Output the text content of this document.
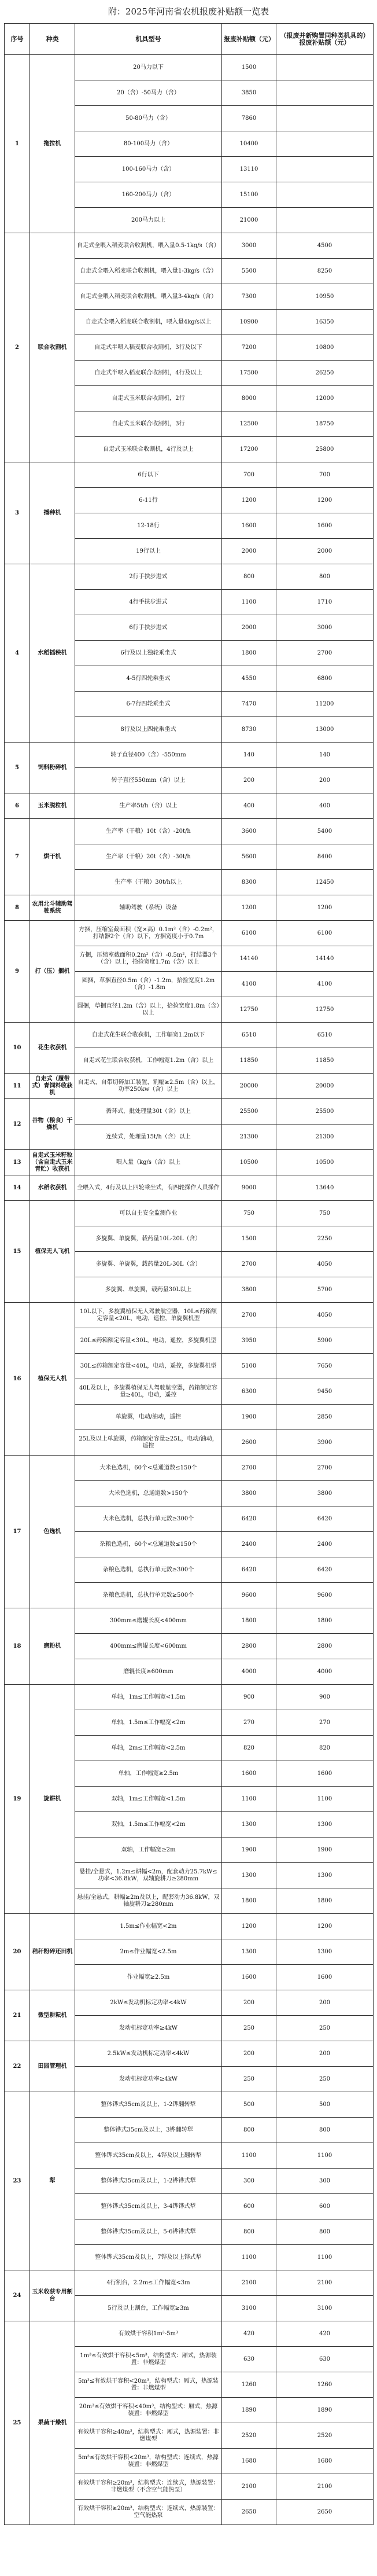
附：2025年河南省农机报废补贴额一览表
序号	种类	机具型号	报废补贴额（元）	（报废并新购置同种类机具的）报废补贴额（元）
1	拖拉机	20马力以下	1500	
		20（含）-50马力（含）	3850	
		50-80马力（含）	7860	
		80-100马力（含）	10400	
		100-160马力（含）	13110	
		160-200马力（含）	15100	
		200马力以上	21000	
2	联合收割机	自走式全喂入稻麦联合收割机，喂入量0.5-1kg/s（含）	3000	4500
		自走式全喂入稻麦联合收割机，喂入量1-3kg/s（含）	5500	8250
		自走式全喂入稻麦联合收割机，喂入量3-4kg/s（含）	7300	10950
		自走式全喂入稻麦联合收割机，喂入量4kg/s以上	10900	16350
		自走式半喂入稻麦联合收割机，3行及以下	7200	10800
		自走式半喂入稻麦联合收割机，4行及以上	17500	26250
		自走式玉米联合收割机，2行	8000	12000
		自走式玉米联合收割机，3行	12500	18750
		自走式玉米联合收割机，4行及以上	17200	25800
3	播种机	6行以下	700	700
		6-11行	1200	1200
		12-18行	1600	1600
		19行以上	2000	2000
4	水稻插秧机	2行手扶步进式	800	800
		4行手扶步进式	1100	1710
		6行手扶步进式	2000	3000
		6行及以上独轮乘坐式	1800	2700
		4-5行四轮乘坐式	4550	6800
		6-7行四轮乘坐式	7470	11200
		8行及以上四轮乘坐式	8730	13000
5	饲料粉碎机	转子直径400（含）-550mm	140	140
		转子直径550mm（含）以上	200	200
6	玉米脱粒机	生产率5t/h（含）以上	400	400
7	烘干机	生产率（干粮）10t（含）-20t/h	3600	5400
		生产率（干粮）20t（含）-30t/h	5600	8400
		生产率（干粮）30t/h以上	8300	12450
8	农用北斗辅助驾驶系统	辅助驾驶（系统）设备	1200	1200
9	打（压）捆机	方捆，压缩室截面积（宽×高）0.1m²（含）-0.2m²，打结器2个（含）以下，方捆宽度小于0.7m	6100	6100
		方捆，压缩室截面积0.2m²（含）-0.5m²，打结器3个（含）以上，拾捡宽度1.7m（含）以上	14140	14140
		圆捆，草捆直径0.5m（含）-1.2m，拾捡宽度1.2m（含）-1.8m	4100	4100
		圆捆，草捆直径1.2m（含）以上，拾捡宽度1.8m（含）以上	12750	12750
10	花生收获机	自走式花生联合收获机，工作幅宽1.2m以下	6510	6510
		自走式花生联合收获机，工作幅宽1.2m（含）以上	11850	11850
11	自走式（履带式）青饲料收获机	自走式，自带切碎加工装置，割幅≥2.5m（含）以上，功率250kw（含）以上	20000	20000
12	谷物（粮食）干燥机	循环式，批处理量30t（含）以上	25500	25500
		连续式，处理量15t/h（含）以上	21300	21300
13	自走式玉米籽粒（含自走式玉米青贮）收获机	喂入量（kg/s（含）以上	10500	10500
14	水稻收获机	全喂入式，4行及以上四轮乘坐式，有四轮操作人员操作	9000	13640
15	植保无人飞机	可以自主安全监测作业	750	750
		多旋翼、单旋翼，载药量10L-20L（含）	1500	2250
		多旋翼、单旋翼，载药量20L-30L（含）	2700	4050
		多旋翼、单旋翼，载药量30L以上	3800	5700
16	植保无人机	10L以下，多旋翼植保无人驾驶航空器，10L≤药箱额定容量<20L，电动，遥控，单旋翼机型	2700	4050
		20L≤药箱额定容量<30L，电动，遥控，多旋翼机型	3950	5900
		30L≤药箱额定容量<40L，电动，遥控，多旋翼机型	5100	7650
		40L及以上，多旋翼植保无人驾驶航空器，药箱额定容量≥40L，电动，遥控	6300	9450
		单旋翼，电动/油动，遥控	1900	2850
		25L及以上单旋翼，药箱额定容量≥25L，电动/油动，遥控	2600	3900
17	色选机	大米色选机，60个<总通道数≤150个	2700	2700
		大米色选机，总通道数>150个	3800	3800
		大米色选机，总执行单元数≥300个	6420	6420
		杂粮色选机，60个<总通道数≤150个	2400	2400
		杂粮色选机，总执行单元数≥300个	6420	6420
		杂粮色选机，总执行单元数≥500个	9600	9600
18	磨粉机	300mm≤磨辊长度<400mm	1800	1800
		400mm≤磨辊长度<600mm	2800	2800
		磨辊长度≥600mm	4000	4000
19	旋耕机	单轴，1m≤工作幅宽<1.5m	900	900
		单轴，1.5m≤工作幅宽<2m	270	270
		单轴，2m≤工作幅宽<2.5m	820	820
		单轴，工作幅宽≥2.5m	1600	1600
		双轴，1m≤工作幅宽<1.5m	1100	1100
		双轴，1.5m≤工作幅宽<2m	1300	1300
		双轴，工作幅宽≥2m	1900	1900
		悬挂/全悬式，1.2m≤耕幅<2m，配套动力25.7kW≤功率<36.8kW，双轴旋耕刀≥280mm	1300	1300
		悬挂/全悬式，耕幅≥2m及以上，配套动力36.8kW，双轴旋耕刀≥280mm	1800	1800
20	秸秆粉碎还田机	1.5m≤作业幅宽<2m	1200	1200
		2m≤作业幅宽<2.5m	1300	1300
		作业幅宽≥2.5m	1600	1600
21	微型耕耘机	2kW≤发动机标定功率<4kW	200	200
		发动机标定功率≥4kW	250	250
22	田园管理机	2.5kW≤发动机标定功率<4kW	200	200
		发动机标定功率≥4kW	250	250
23	犁	整体铧式35cm及以上，1-2铧翻转犁	500	500
		整体铧式35cm及以上，3铧翻转犁	800	800
		整体铧式35cm及以上，4铧及以上翻转犁	1100	1100
		整体铧式35cm及以上，1-2铧铧式犁	300	300
		整体铧式35cm及以上，3-4铧铧式犁	600	600
		整体铧式35cm及以上，5-6铧铧式犁	800	800
		整体铧式35cm及以上，7铧及以上铧式犁	1100	1100
24	玉米收获专用割台	4行割台，2.2m≤工作幅宽<3m	2100	2100
		5行及以上割台，工作幅宽≥3m	3100	3100
25	果蔬干燥机	有效烘干容积1m³-5m³	420	420
		1m³≤有效烘干容积<5m³，结构型式：厢式，热源装置：非燃煤型	630	630
		5m³≤有效烘干容积<20m³，结构型式：厢式，热源装置：非燃煤型	1260	1260
		20m³≤有效烘干容积<40m³，结构型式：厢式，热源装置：非燃煤型	1890	1890
		有效烘干容积≥40m³，结构型式：厢式，热源装置：非燃煤型	2520	2520
		5m³≤有效烘干容积<20m³，结构型式：连续式，热源装置：非燃煤型	1680	1680
		有效烘干容积≥20m³，结构型式：连续式，热源装置：非燃煤型（不含空气能热泵）	2100	2100
		有效烘干容积≥20m³，结构型式：连续式，热源装置：空气能热泵	2650	2650
